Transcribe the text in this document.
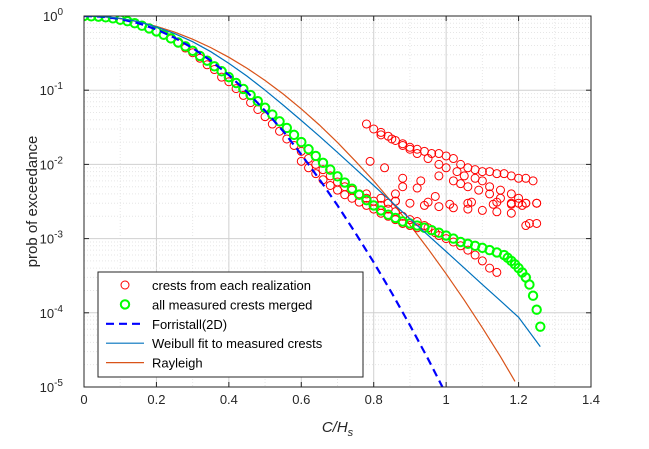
0	0.2	0.4	0.6	0.8	1	1.2	1.4
$10^0$
$10^{-1}$
$10^{-2}$
$10^{-3}$
$10^{-4}$
$10^{-5}$
$C/H_s$
prob of exceedance
crests from each realization
all measured crests merged
Forristall(2D)
Weibull fit to measured crests
Rayleigh
